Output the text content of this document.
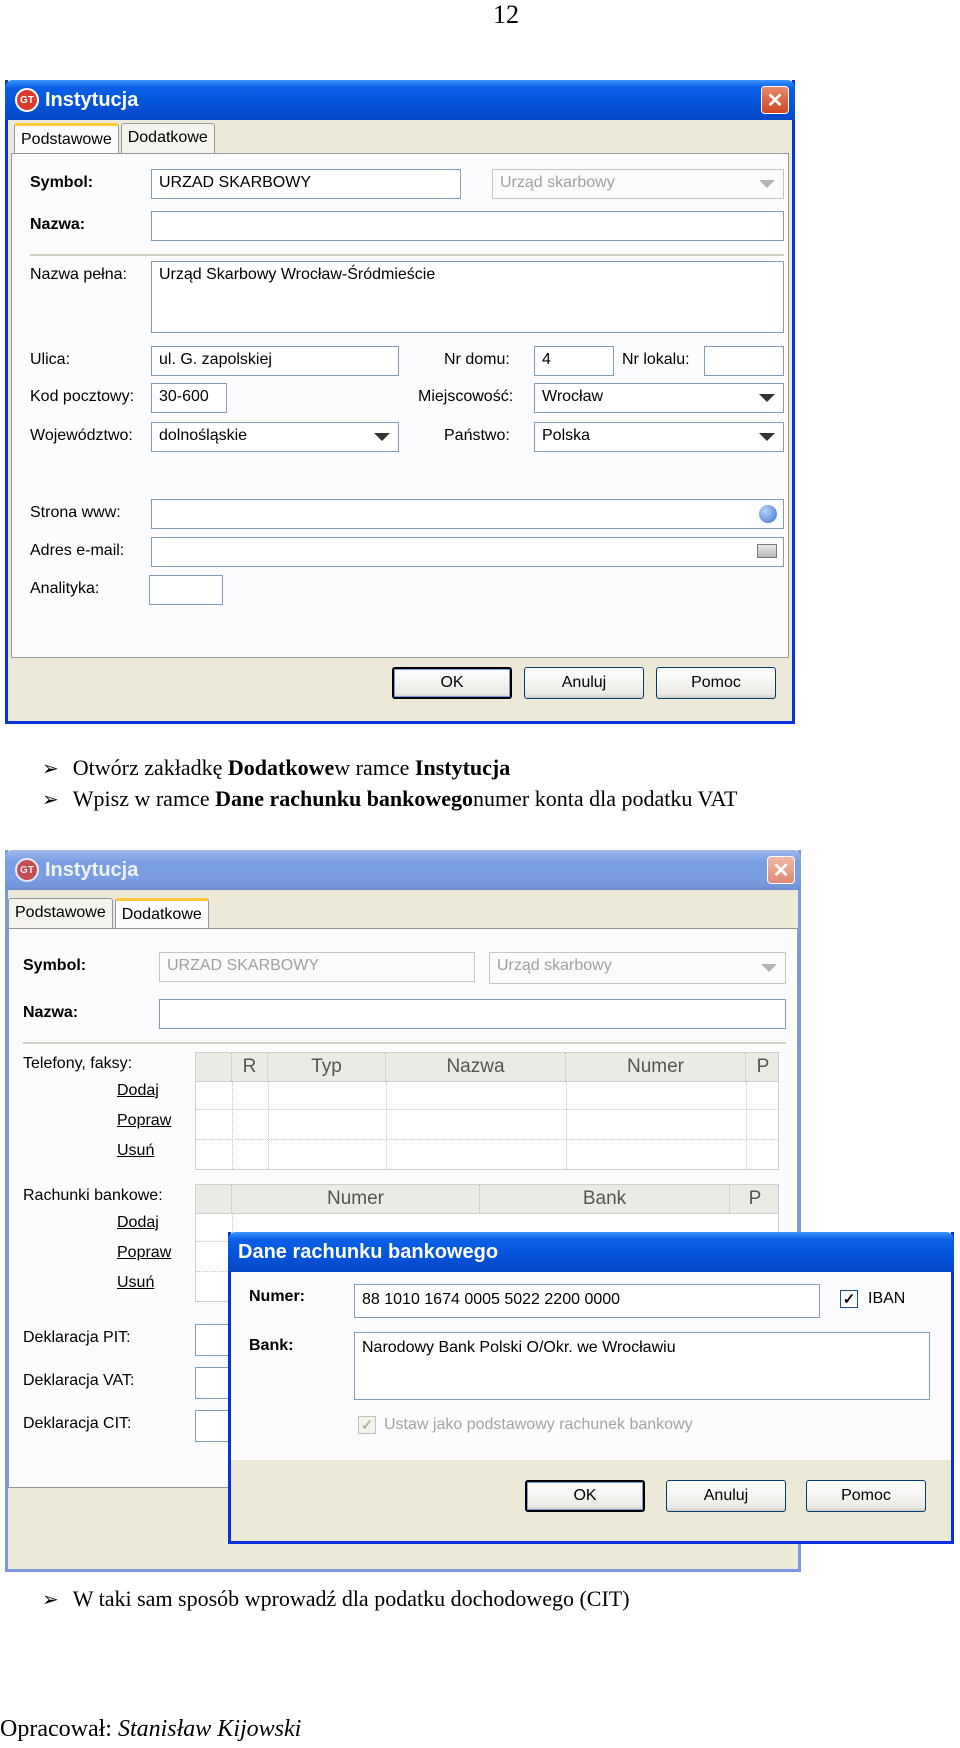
12
GT Instytucja	✕
Podstawowe	Dodatkowe
Symbol:	URZAD SKARBOWY	Urząd skarbowy
Nazwa:
Nazwa pełna:	Urząd Skarbowy Wrocław-Śródmieście
Ulica:	ul. G. zapolskiej	Nr domu:	4	Nr lokalu:
Kod pocztowy:	30-600	Miejscowość:	Wrocław
Województwo:	dolnośląskie	Państwo:	Polska
Strona www:
Adres e-mail:
Analityka:
OK	Anuluj	Pomoc
➢ Otwórz zakładkę
Dodatkowe w ramce
Instytucja
➢ Wpisz w ramce
Dane rachunku bankowego numer konta dla podatku VAT
GT Instytucja	✕
Podstawowe	Dodatkowe
Symbol:	URZAD SKARBOWY	Urząd skarbowy
Nazwa:
Telefony, faksy:
Dodaj
Popraw
Usuń
R	Typ	Nazwa	Numer	P
Rachunki bankowe:
Dodaj
Popraw
Usuń
Numer	Bank	P
Deklaracja PIT:
Deklaracja VAT:
Deklaracja CIT:
Dane rachunku bankowego
Numer:	88 1010 1674 0005 5022 2200 0000	✓ IBAN
Bank:	Narodowy Bank Polski O/Okr. we Wrocławiu
✓ Ustaw jako podstawowy rachunek bankowy
OK	Anuluj	Pomoc
➢ W taki sam sposób wprowadź dla podatku dochodowego (CIT)
Opracował: Stanisław Kijowski
